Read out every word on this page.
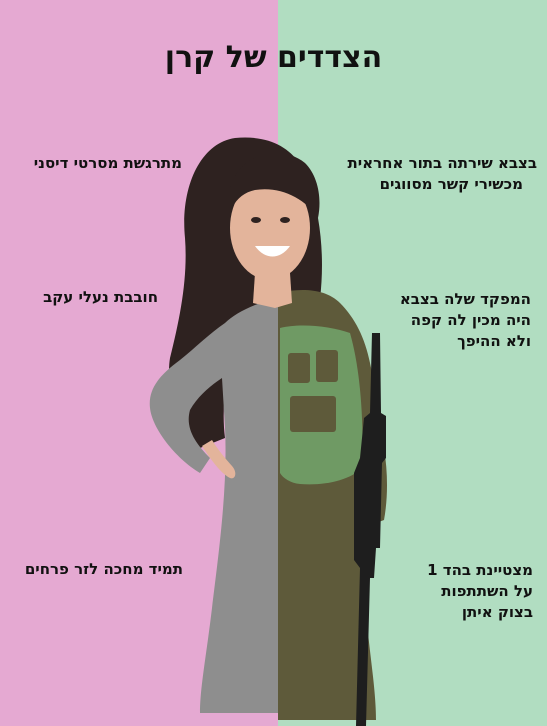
הצדדים של קרן
מתרגשת מסרטי דיסני
חובבת נעלי עקב
תמיד מחכה לזר פרחים
בצבא שירתה בתור אחראית
מכשירי קשר מסווגים
המפקד שלה בצבא
היה מכין לה קפה
ולא ההיפך
מצטיינת בהד 1
על השתתפות
בצוק איתן
